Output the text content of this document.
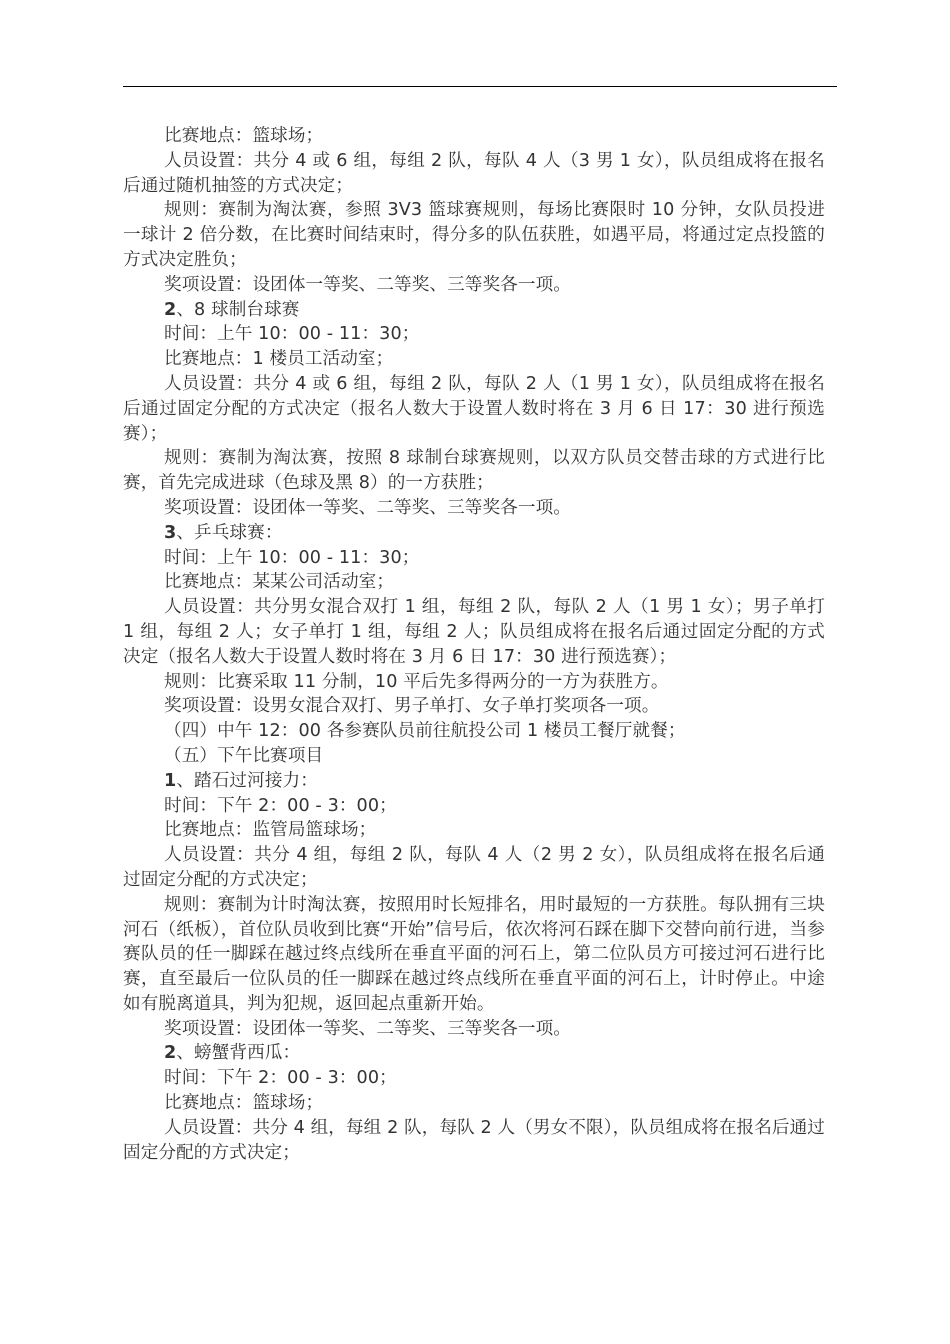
比赛地点：篮球场；

人员设置：共分 4 或 6 组，每组 2 队，每队 4 人（3 男 1 女），队员组成将在报名后通过随机抽签的方式决定；

规则：赛制为淘汰赛，参照 3V3 篮球赛规则，每场比赛限时 10 分钟，女队员投进一球计 2 倍分数，在比赛时间结束时，得分多的队伍获胜，如遇平局，将通过定点投篮的方式决定胜负；

奖项设置：设团体一等奖、二等奖、三等奖各一项。

2、8 球制台球赛

时间：上午 10：00 - 11：30；

比赛地点：1 楼员工活动室；

人员设置：共分 4 或 6 组，每组 2 队，每队 2 人（1 男 1 女），队员组成将在报名后通过固定分配的方式决定（报名人数大于设置人数时将在 3 月 6 日 17：30 进行预选赛）；

规则：赛制为淘汰赛，按照 8 球制台球赛规则，以双方队员交替击球的方式进行比赛，首先完成进球（色球及黑 8）的一方获胜；

奖项设置：设团体一等奖、二等奖、三等奖各一项。

3、乒乓球赛：

时间：上午 10：00 - 11：30；

比赛地点：某某公司活动室；

人员设置：共分男女混合双打 1 组，每组 2 队，每队 2 人（1 男 1 女）；男子单打 1 组，每组 2 人；女子单打 1 组，每组 2 人；队员组成将在报名后通过固定分配的方式决定（报名人数大于设置人数时将在 3 月 6 日 17：30 进行预选赛）；

规则：比赛采取 11 分制，10 平后先多得两分的一方为获胜方。

奖项设置：设男女混合双打、男子单打、女子单打奖项各一项。

（四）中午 12：00 各参赛队员前往航投公司 1 楼员工餐厅就餐；

（五）下午比赛项目

1、踏石过河接力：

时间：下午 2：00 - 3：00；

比赛地点：监管局篮球场；

人员设置：共分 4 组，每组 2 队，每队 4 人（2 男 2 女），队员组成将在报名后通过固定分配的方式决定；

规则：赛制为计时淘汰赛，按照用时长短排名，用时最短的一方获胜。每队拥有三块河石（纸板），首位队员收到比赛“开始”信号后，依次将河石踩在脚下交替向前行进，当参赛队员的任一脚踩在越过终点线所在垂直平面的河石上，第二位队员方可接过河石进行比赛，直至最后一位队员的任一脚踩在越过终点线所在垂直平面的河石上，计时停止。中途如有脱离道具，判为犯规，返回起点重新开始。

奖项设置：设团体一等奖、二等奖、三等奖各一项。

2、螃蟹背西瓜：

时间：下午 2：00 - 3：00；

比赛地点：篮球场；

人员设置：共分 4 组，每组 2 队，每队 2 人（男女不限），队员组成将在报名后通过固定分配的方式决定；
